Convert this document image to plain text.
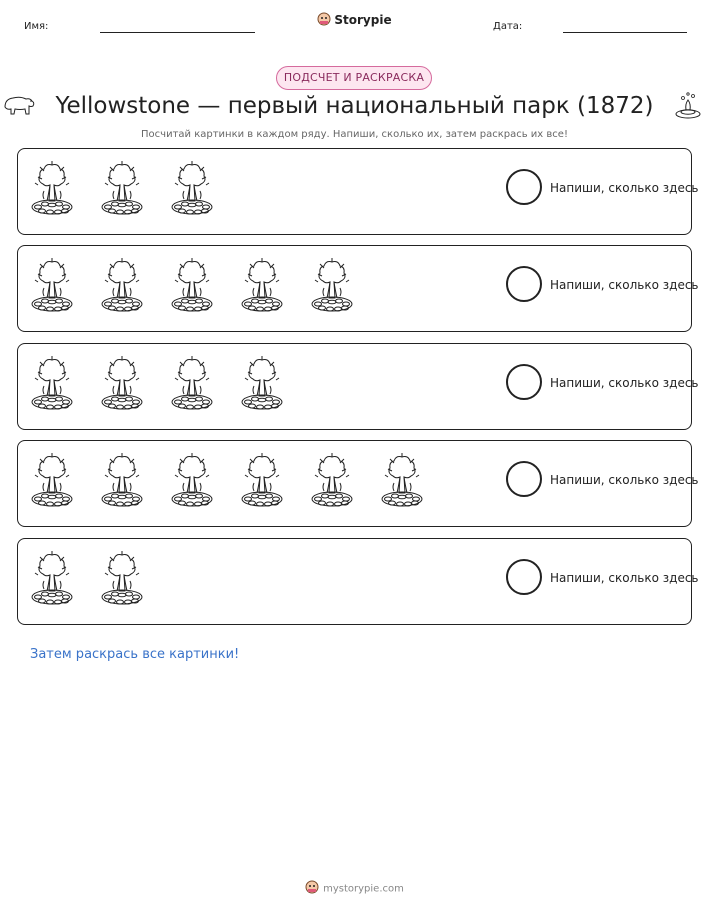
Имя:	Storypie	Дата:
ПОДСЧЕТ И РАСКРАСКА
Yellowstone — первый национальный парк (1872)
Посчитай картинки в каждом ряду. Напиши, сколько их, затем раскрась их все!
Напиши, сколько здесь
Напиши, сколько здесь
Напиши, сколько здесь
Напиши, сколько здесь
Напиши, сколько здесь
Затем раскрась все картинки!
mystorypie.com
